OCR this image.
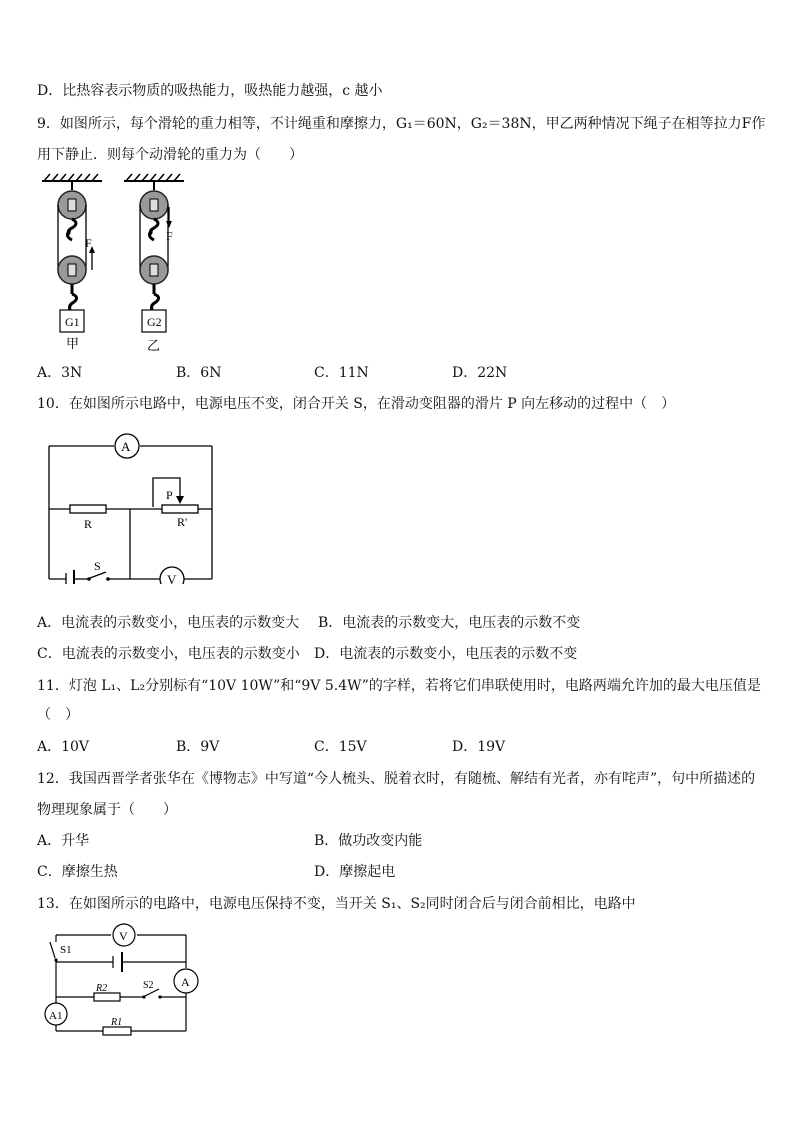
D．比热容表示物质的吸热能力，吸热能力越强，c 越小
9．如图所示，每个滑轮的重力相等，不计绳重和摩擦力，G₁＝60N，G₂＝38N，甲乙两种情况下绳子在相等拉力F作
用下静止．则每个动滑轮的重力为（　　）
F
G1
甲
F
G2
乙
A．3N	B．6N	C．11N	D．22N
10．在如图所示电路中，电源电压不变，闭合开关 S，在滑动变阻器的滑片 P 向左移动的过程中（　）
A
R
P
R'
S
V
A．电流表的示数变小，电压表的示数变大 B．电流表的示数变大，电压表的示数不变
C．电流表的示数变小，电压表的示数变小 D．电流表的示数变小，电压表的示数不变
11．灯泡 L₁、L₂分别标有“10V 10W”和“9V 5.4W”的字样，若将它们串联使用时，电路两端允许加的最大电压值是
（　）
A．10V	B．9V	C．15V	D．19V
12．我国西晋学者张华在《博物志》中写道“今人梳头、脱着衣时，有随梳、解结有光者，亦有咤声”，句中所描述的
物理现象属于（　　）
A．升华	B．做功改变内能
C．摩擦生热	D．摩擦起电
13．在如图所示的电路中，电源电压保持不变，当开关 S₁、S₂同时闭合后与闭合前相比，电路中
V
S1
A
R2	S2
A1
R1
